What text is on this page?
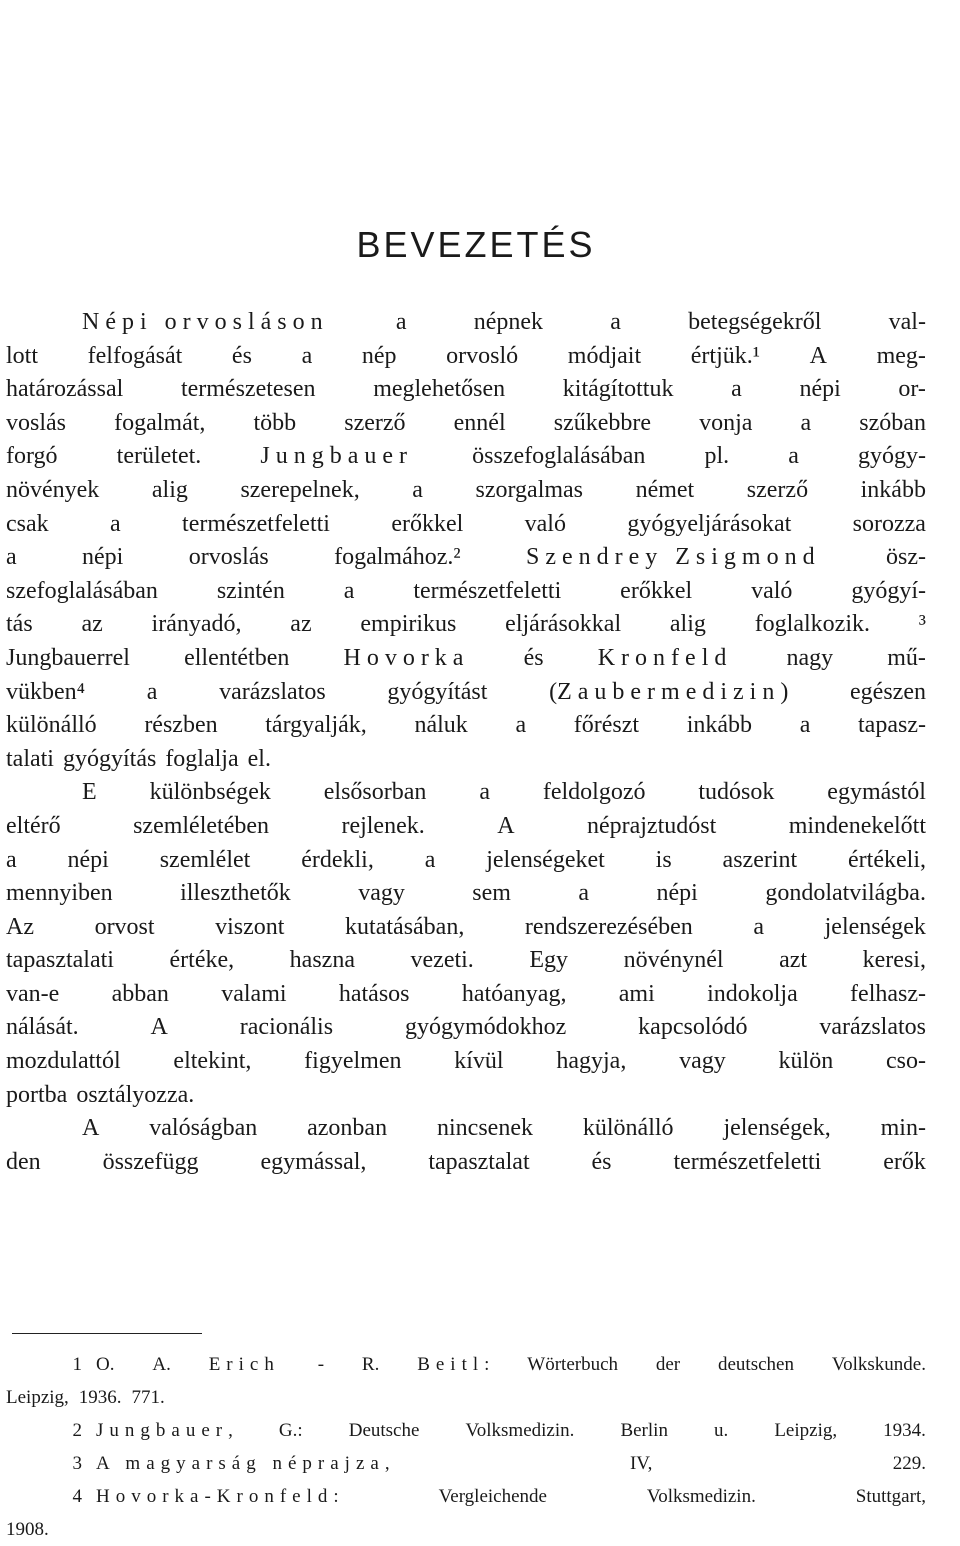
BEVEZETÉS
Népi orvosláson	a	népnek	a	betegségekről	val-
lott felfogását és a nép orvosló módjait értjük.¹ A meg-
határozással természetesen meglehetősen kitágítottuk a népi or-
voslás fogalmát, több szerző ennél szűkebbre vonja a szóban
forgó területet. Jungbauer összefoglalásában pl. a gyógy-
növények alig szerepelnek, a szorgalmas német szerző inkább
csak	a	természetfeletti	erőkkel	való	gyógyeljárásokat	sorozza
a	népi	orvoslás	fogalmához.²	Szendrey Zsigmond	ösz-
szefoglalásában szintén a természetfeletti erőkkel való gyógyí-
tás az irányadó, az empirikus eljárásokkal alig foglalkozik. ³
Jungbauerrel ellentétben Hovorka és Kronfeld nagy mű-
vükben⁴	a	varázslatos	gyógyítást	(Zaubermedizin)	egészen
különálló részben tárgyalják, náluk a főrészt inkább a tapasz-
talati gyógyítás foglalja el.
E különbségek elsősorban a feldolgozó tudósok egymástól
eltérő	szemléletében	rejlenek.	A	néprajztudóst	mindenekelőtt
a népi szemlélet érdekli, a jelenségeket is aszerint értékeli,
mennyiben	illeszthetők	vagy	sem	a	népi	gondolatvilágba.
Az	orvost	viszont	kutatásában,	rendszerezésében	a	jelenségek
tapasztalati értéke, haszna vezeti. Egy növénynél azt keresi,
van-e abban valami hatásos hatóanyag, ami indokolja felhasz-
nálását.	A	racionális	gyógymódokhoz	kapcsolódó	varázslatos
mozdulattól eltekint, figyelmen kívül hagyja, vagy külön cso-
portba osztályozza.
A valóságban azonban nincsenek különálló jelenségek, min-
den	összefügg	egymással,	tapasztalat	és	természetfeletti	erők
1 O. A. Erich - R. Beitl: Wörterbuch der deutschen Volkskunde.
Leipzig, 1936. 771.
2 Jungbauer, G.: Deutsche Volksmedizin. Berlin u. Leipzig, 1934.
3 A magyarság néprajza,	IV,	229.
4 Hovorka-Kronfeld:	Vergleichende	Volksmedizin.	Stuttgart,
1908.
